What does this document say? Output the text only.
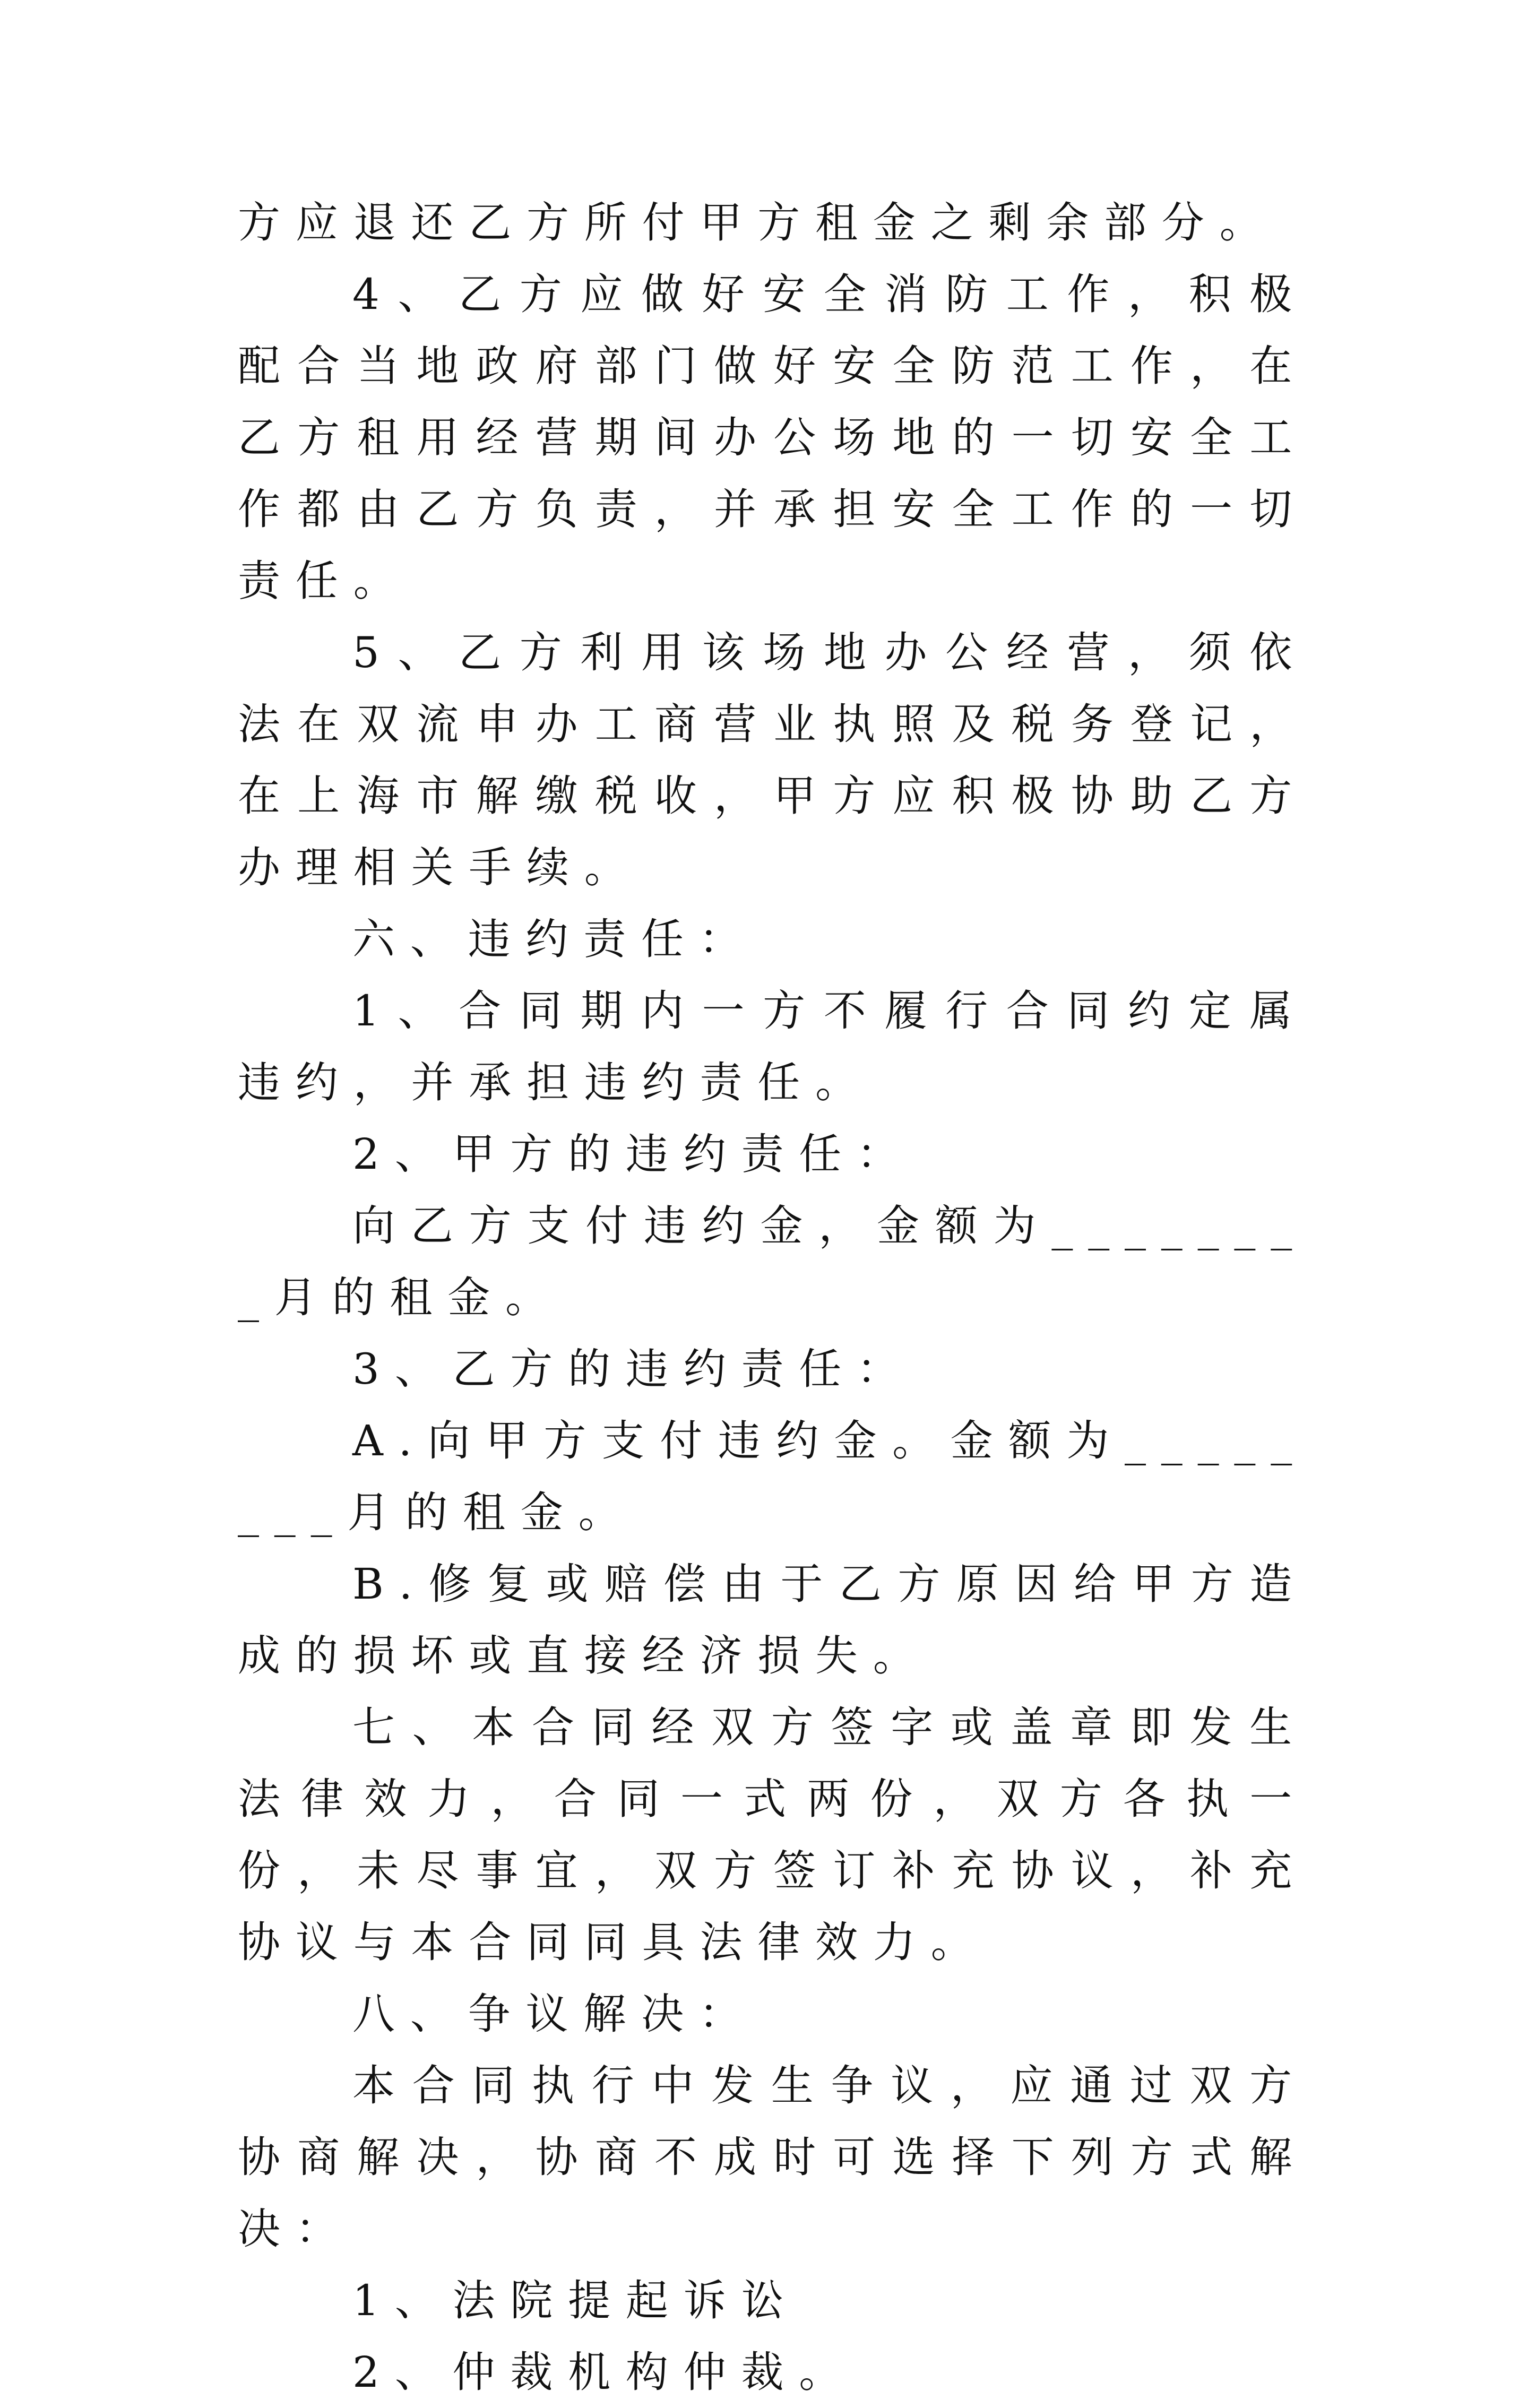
方应退还乙方所付甲方租金之剩余部分。

4、乙方应做好安全消防工作，积极配合当地政府部门做好安全防范工作，在乙方租用经营期间办公场地的一切安全工作都由乙方负责，并承担安全工作的一切责任。

5、乙方利用该场地办公经营，须依法在双流申办工商营业执照及税务登记，在上海市解缴税收，甲方应积极协助乙方办理相关手续。

六、违约责任：

1、合同期内一方不履行合同约定属违约，并承担违约责任。

2、甲方的违约责任：

向乙方支付违约金，金额为________月的租金。

3、乙方的违约责任：

A.向甲方支付违约金。金额为________月的租金。

B.修复或赔偿由于乙方原因给甲方造成的损坏或直接经济损失。

七、本合同经双方签字或盖章即发生法律效力，合同一式两份，双方各执一份，未尽事宜，双方签订补充协议，补充协议与本合同同具法律效力。

八、争议解决：

本合同执行中发生争议，应通过双方协商解决，协商不成时可选择下列方式解决：

1、法院提起诉讼

2、仲裁机构仲裁。
